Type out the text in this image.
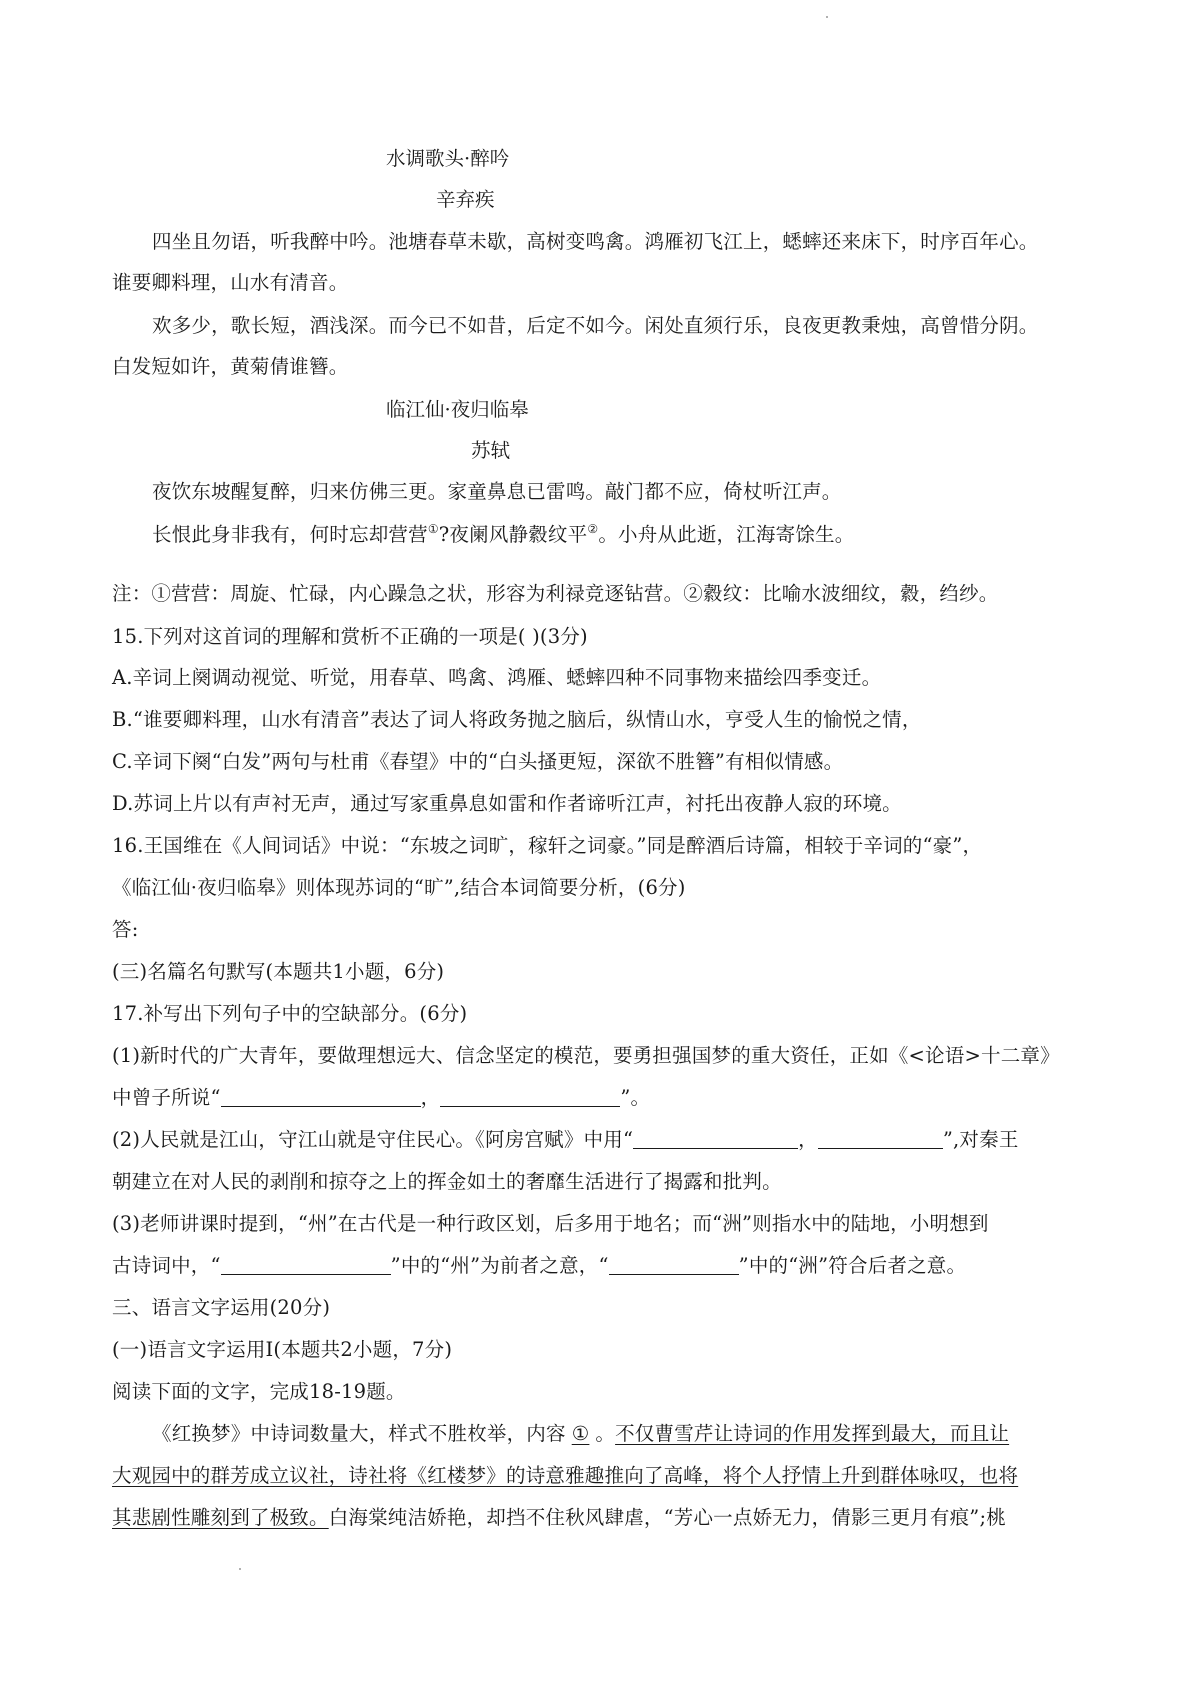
水调歌头·醉吟
辛弃疾
四坐且勿语，听我醉中吟。池塘春草未歇，高树变鸣禽。鸿雁初飞江上，蟋蟀还来床下，时序百年心。
谁要卿料理，山水有清音。
欢多少，歌长短，酒浅深。而今已不如昔，后定不如今。闲处直须行乐，良夜更教秉烛，高曾惜分阴。
白发短如许，黄菊倩谁簪。
临江仙·夜归临皋
苏轼
夜饮东坡醒复醉，归来仿佛三更。家童鼻息已雷鸣。敲门都不应，倚杖听江声。
长恨此身非我有，何时忘却营营①?夜阑风静縠纹平②。小舟从此逝，江海寄馀生。
注：①营营：周旋、忙碌，内心躁急之状，形容为利禄竞逐钻营。②縠纹：比喻水波细纹，縠，绉纱。
15.下列对这首词的理解和赏析不正确的一项是( )(3分)
A.辛词上阕调动视觉、听觉，用春草、鸣禽、鸿雁、蟋蟀四种不同事物来描绘四季变迁。
B.“谁要卿料理，山水有清音”表达了词人将政务抛之脑后，纵情山水，亨受人生的愉悦之情，
C.辛词下阕“白发”两句与杜甫《春望》中的“白头搔更短，深欲不胜簪”有相似情感。
D.苏词上片以有声衬无声，通过写家重鼻息如雷和作者谛听江声，衬托出夜静人寂的环境。
16.王国维在《人间词话》中说：“东坡之词旷，稼轩之词豪。”同是醉酒后诗篇，相较于辛词的“豪”，
《临江仙·夜归临皋》则体现苏词的“旷”,结合本词简要分析，(6分)
答:
(三)名篇名句默写(本题共1小题，6分)
17.补写出下列句子中的空缺部分。(6分)
(1)新时代的广大青年，要做理想远大、信念坚定的模范，要勇担强国梦的重大资任，正如《<论语>十二章》
中曾子所说“	，	”。
(2)人民就是江山，守江山就是守住民心。《阿房宫赋》中用“	，	”,对秦王
朝建立在对人民的剥削和掠夺之上的挥金如土的奢靡生活进行了揭露和批判。
(3)老师讲课时提到，“州”在古代是一种行政区划，后多用于地名；而“洲”则指水中的陆地，小明想到
古诗词中，“	”中的“州”为前者之意，“	”中的“洲”符合后者之意。
三、语言文字运用(20分)
(一)语言文字运用I(本题共2小题，7分)
阅读下面的文字，完成18-19题。
《红换梦》中诗词数量大，样式不胜枚举，内容 ① 。不仅曹雪芹让诗词的作用发挥到最大，而且让
大观园中的群芳成立议社，诗社将《红楼梦》的诗意雅趣推向了高峰，将个人抒情上升到群体咏叹，也将
其悲剧性雕刻到了极致。白海棠纯洁娇艳，却挡不住秋风肆虐，“芳心一点娇无力，倩影三更月有痕”;桃
